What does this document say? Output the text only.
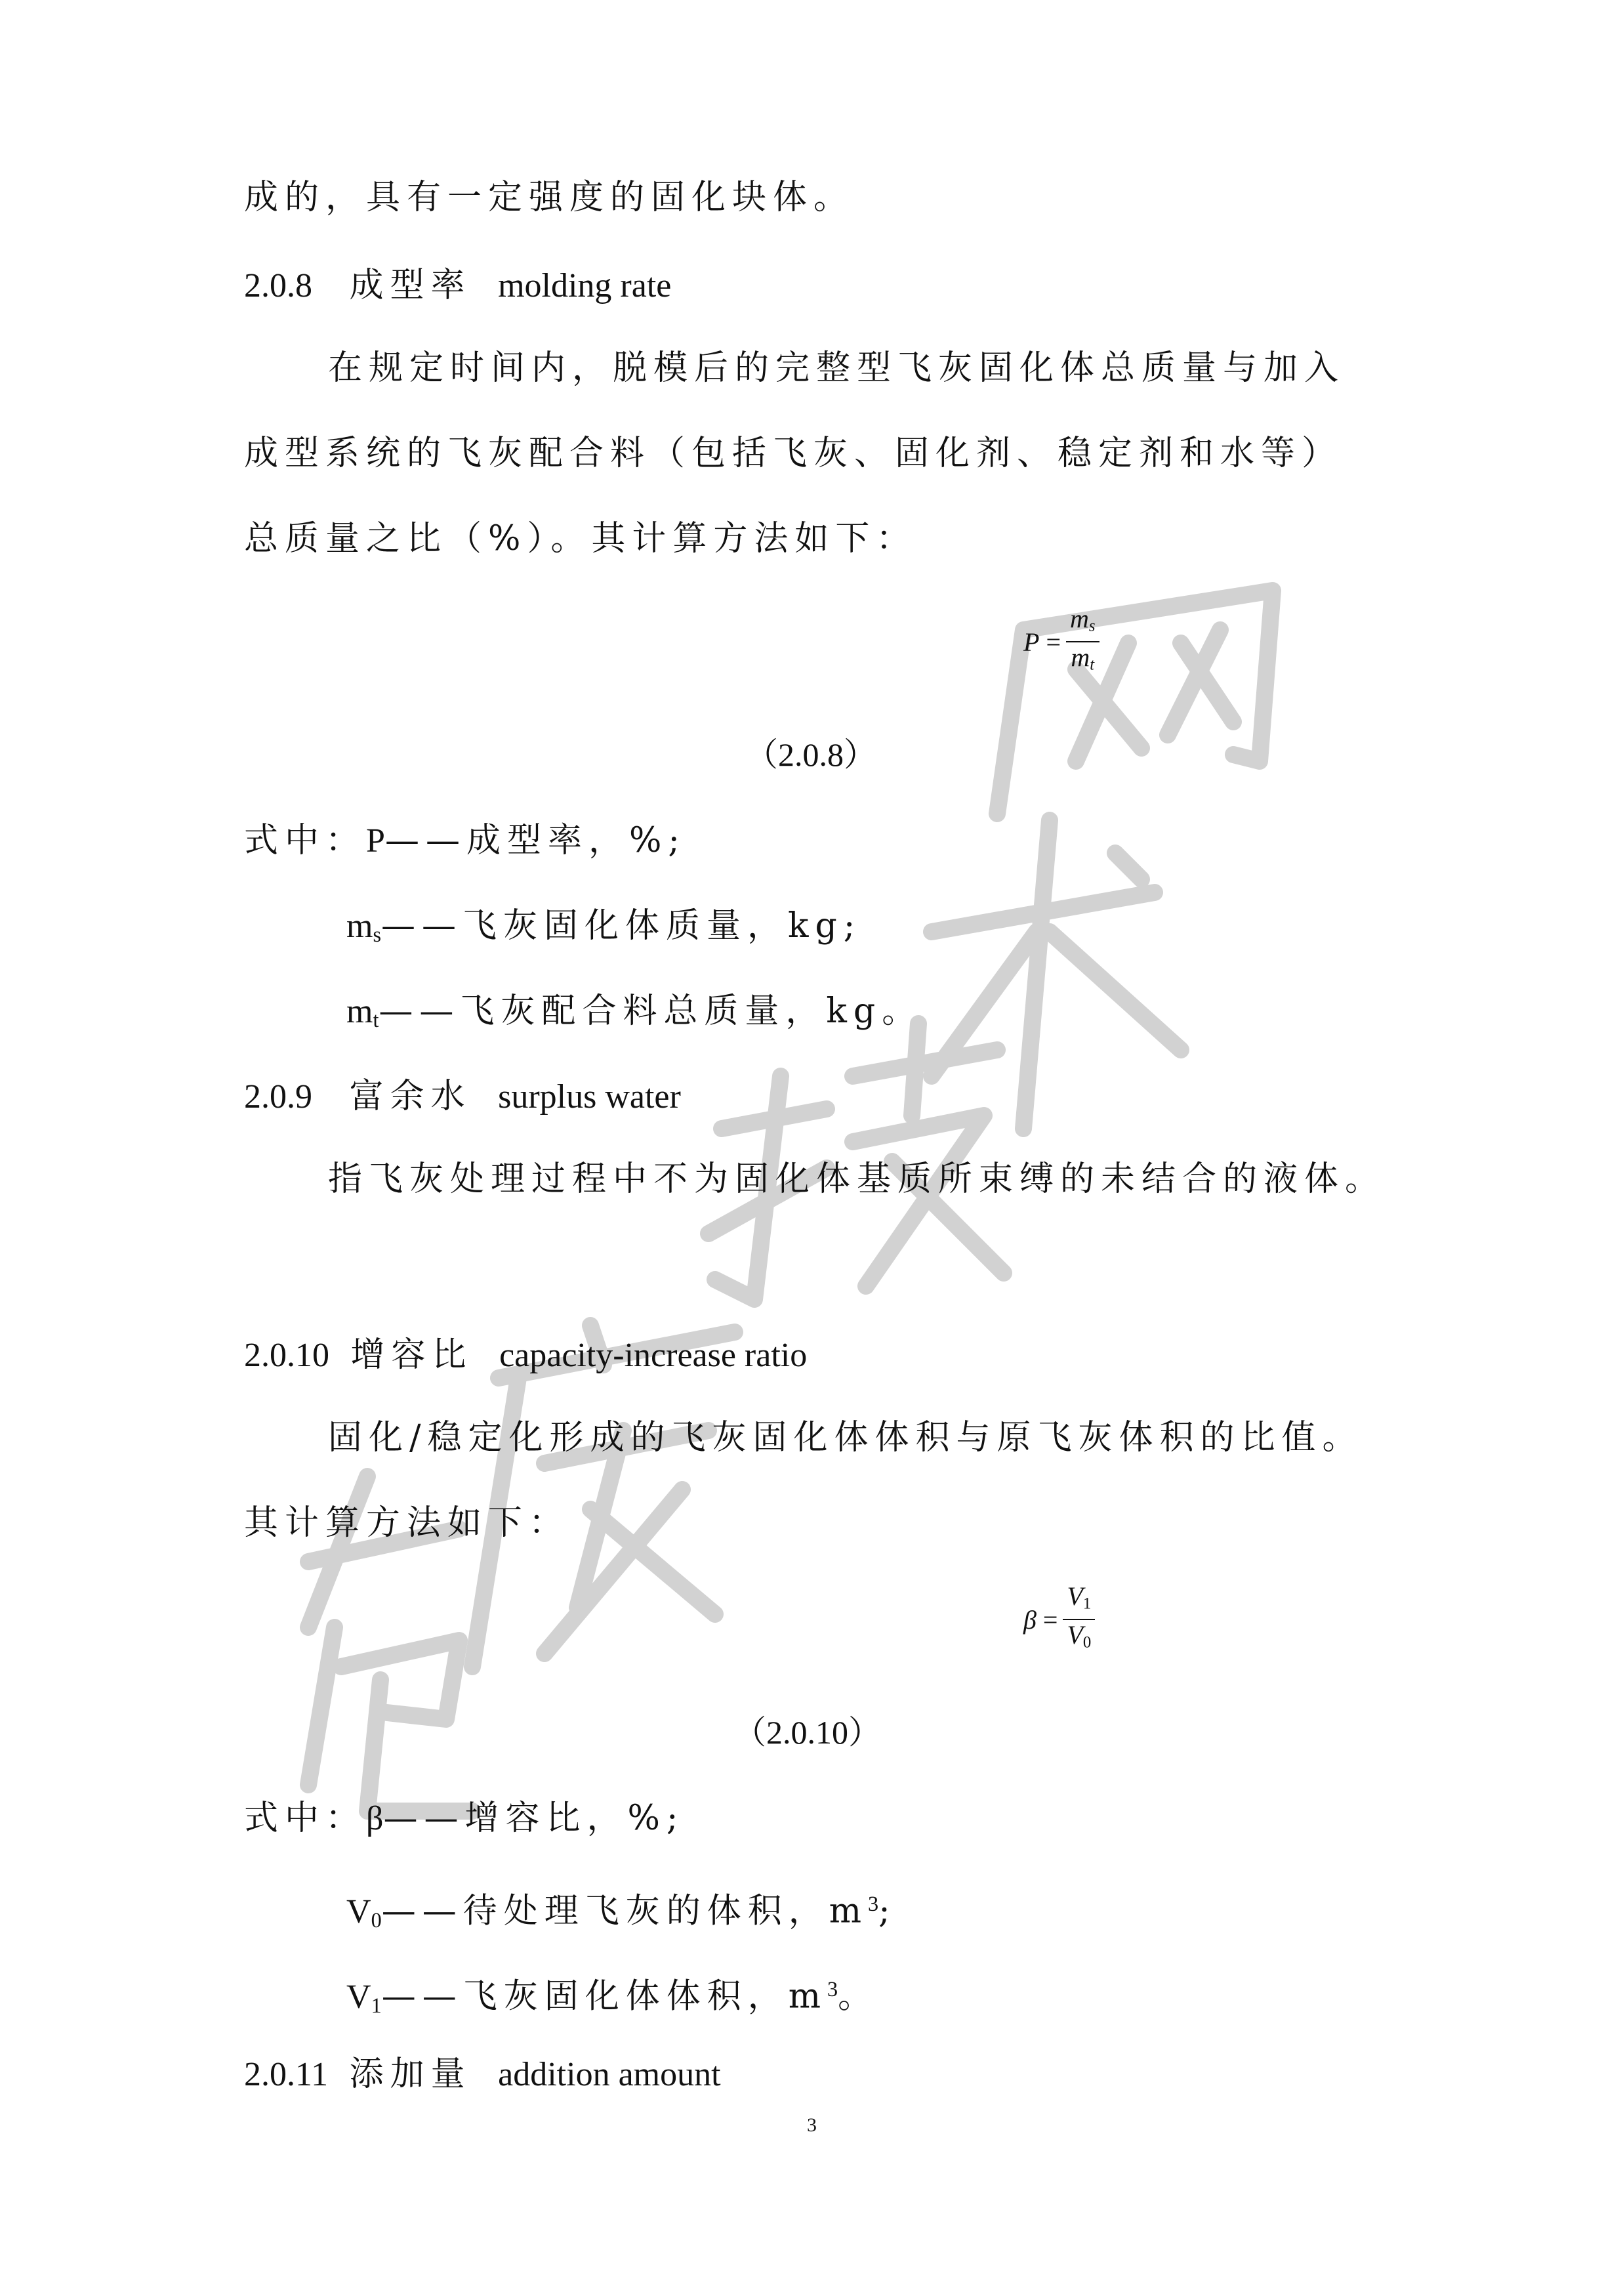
成的，具有一定强度的固化块体。
2.0.8 成型率 molding rate
在规定时间内，脱模后的完整型飞灰固化体总质量与加入
成型系统的飞灰配合料（包括飞灰、固化剂、稳定剂和水等）
总质量之比（%）。其计算方法如下：
$P = \frac{m_s}{m_t}$
（2.0.8）
式中：P——成型率，%;
$m_s——$飞灰固化体质量，kg;
$m_t——$飞灰配合料总质量，kg。
2.0.9 富余水 surplus water
指飞灰处理过程中不为固化体基质所束缚的未结合的液体。
2.0.10 增容比 capacity-increase ratio
固化/稳定化形成的飞灰固化体体积与原飞灰体积的比值。
其计算方法如下：
$\beta = \frac{V_1}{V_0}$
（2.0.10）
式中：β——增容比，%;
$V_0——$待处理飞灰的体积，$m^3$;
$V_1——$飞灰固化体体积，$m^3$。
2.0.11 添加量 addition amount
3
